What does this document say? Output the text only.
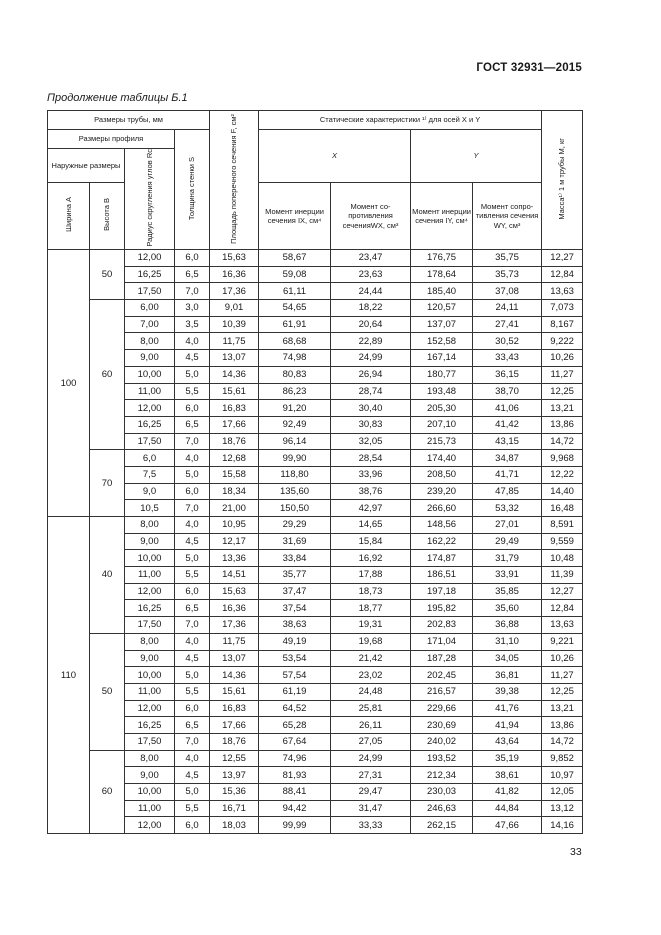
ГОСТ 32931—2015
Продолжение таблицы Б.1
Размеры трубы, мм				Площадь поперечного сечения F, см²	Статические характеристики ¹⁾ для осей X и Y				Масса¹⁾ 1 м трубы M, кг
Размеры профиля			Толщина стенки S		X		Y		
Наружные размеры		Радиус скругления углов Rc							
Ширина A	Высота B				Момент инерции сечения IX, см⁴	Момент со-противления сеченияWX, см³	Момент инерции сечения IY, см⁴	Момент сопро-тивления сечения WY, см³	
100	50	12,00	6,0	15,63	58,67	23,47	176,75	35,75	12,27
		16,25	6,5	16,36	59,08	23,63	178,64	35,73	12,84
		17,50	7,0	17,36	61,11	24,44	185,40	37,08	13,63
	60	6,00	3,0	9,01	54,65	18,22	120,57	24,11	7,073
		7,00	3,5	10,39	61,91	20,64	137,07	27,41	8,167
		8,00	4,0	11,75	68,68	22,89	152,58	30,52	9,222
		9,00	4,5	13,07	74,98	24,99	167,14	33,43	10,26
		10,00	5,0	14,36	80,83	26,94	180,77	36,15	11,27
		11,00	5,5	15,61	86,23	28,74	193,48	38,70	12,25
		12,00	6,0	16,83	91,20	30,40	205,30	41,06	13,21
		16,25	6,5	17,66	92,49	30,83	207,10	41,42	13,86
		17,50	7,0	18,76	96,14	32,05	215,73	43,15	14,72
	70	6,0	4,0	12,68	99,90	28,54	174,40	34,87	9,968
		7,5	5,0	15,58	118,80	33,96	208,50	41,71	12,22
		9,0	6,0	18,34	135,60	38,76	239,20	47,85	14,40
		10,5	7,0	21,00	150,50	42,97	266,60	53,32	16,48
110	40	8,00	4,0	10,95	29,29	14,65	148,56	27,01	8,591
		9,00	4,5	12,17	31,69	15,84	162,22	29,49	9,559
		10,00	5,0	13,36	33,84	16,92	174,87	31,79	10,48
		11,00	5,5	14,51	35,77	17,88	186,51	33,91	11,39
		12,00	6,0	15,63	37,47	18,73	197,18	35,85	12,27
		16,25	6,5	16,36	37,54	18,77	195,82	35,60	12,84
		17,50	7,0	17,36	38,63	19,31	202,83	36,88	13,63
	50	8,00	4,0	11,75	49,19	19,68	171,04	31,10	9,221
		9,00	4,5	13,07	53,54	21,42	187,28	34,05	10,26
		10,00	5,0	14,36	57,54	23,02	202,45	36,81	11,27
		11,00	5,5	15,61	61,19	24,48	216,57	39,38	12,25
		12,00	6,0	16,83	64,52	25,81	229,66	41,76	13,21
		16,25	6,5	17,66	65,28	26,11	230,69	41,94	13,86
		17,50	7,0	18,76	67,64	27,05	240,02	43,64	14,72
	60	8,00	4,0	12,55	74,96	24,99	193,52	35,19	9,852
		9,00	4,5	13,97	81,93	27,31	212,34	38,61	10,97
		10,00	5,0	15,36	88,41	29,47	230,03	41,82	12,05
		11,00	5,5	16,71	94,42	31,47	246,63	44,84	13,12
		12,00	6,0	18,03	99,99	33,33	262,15	47,66	14,16
33
